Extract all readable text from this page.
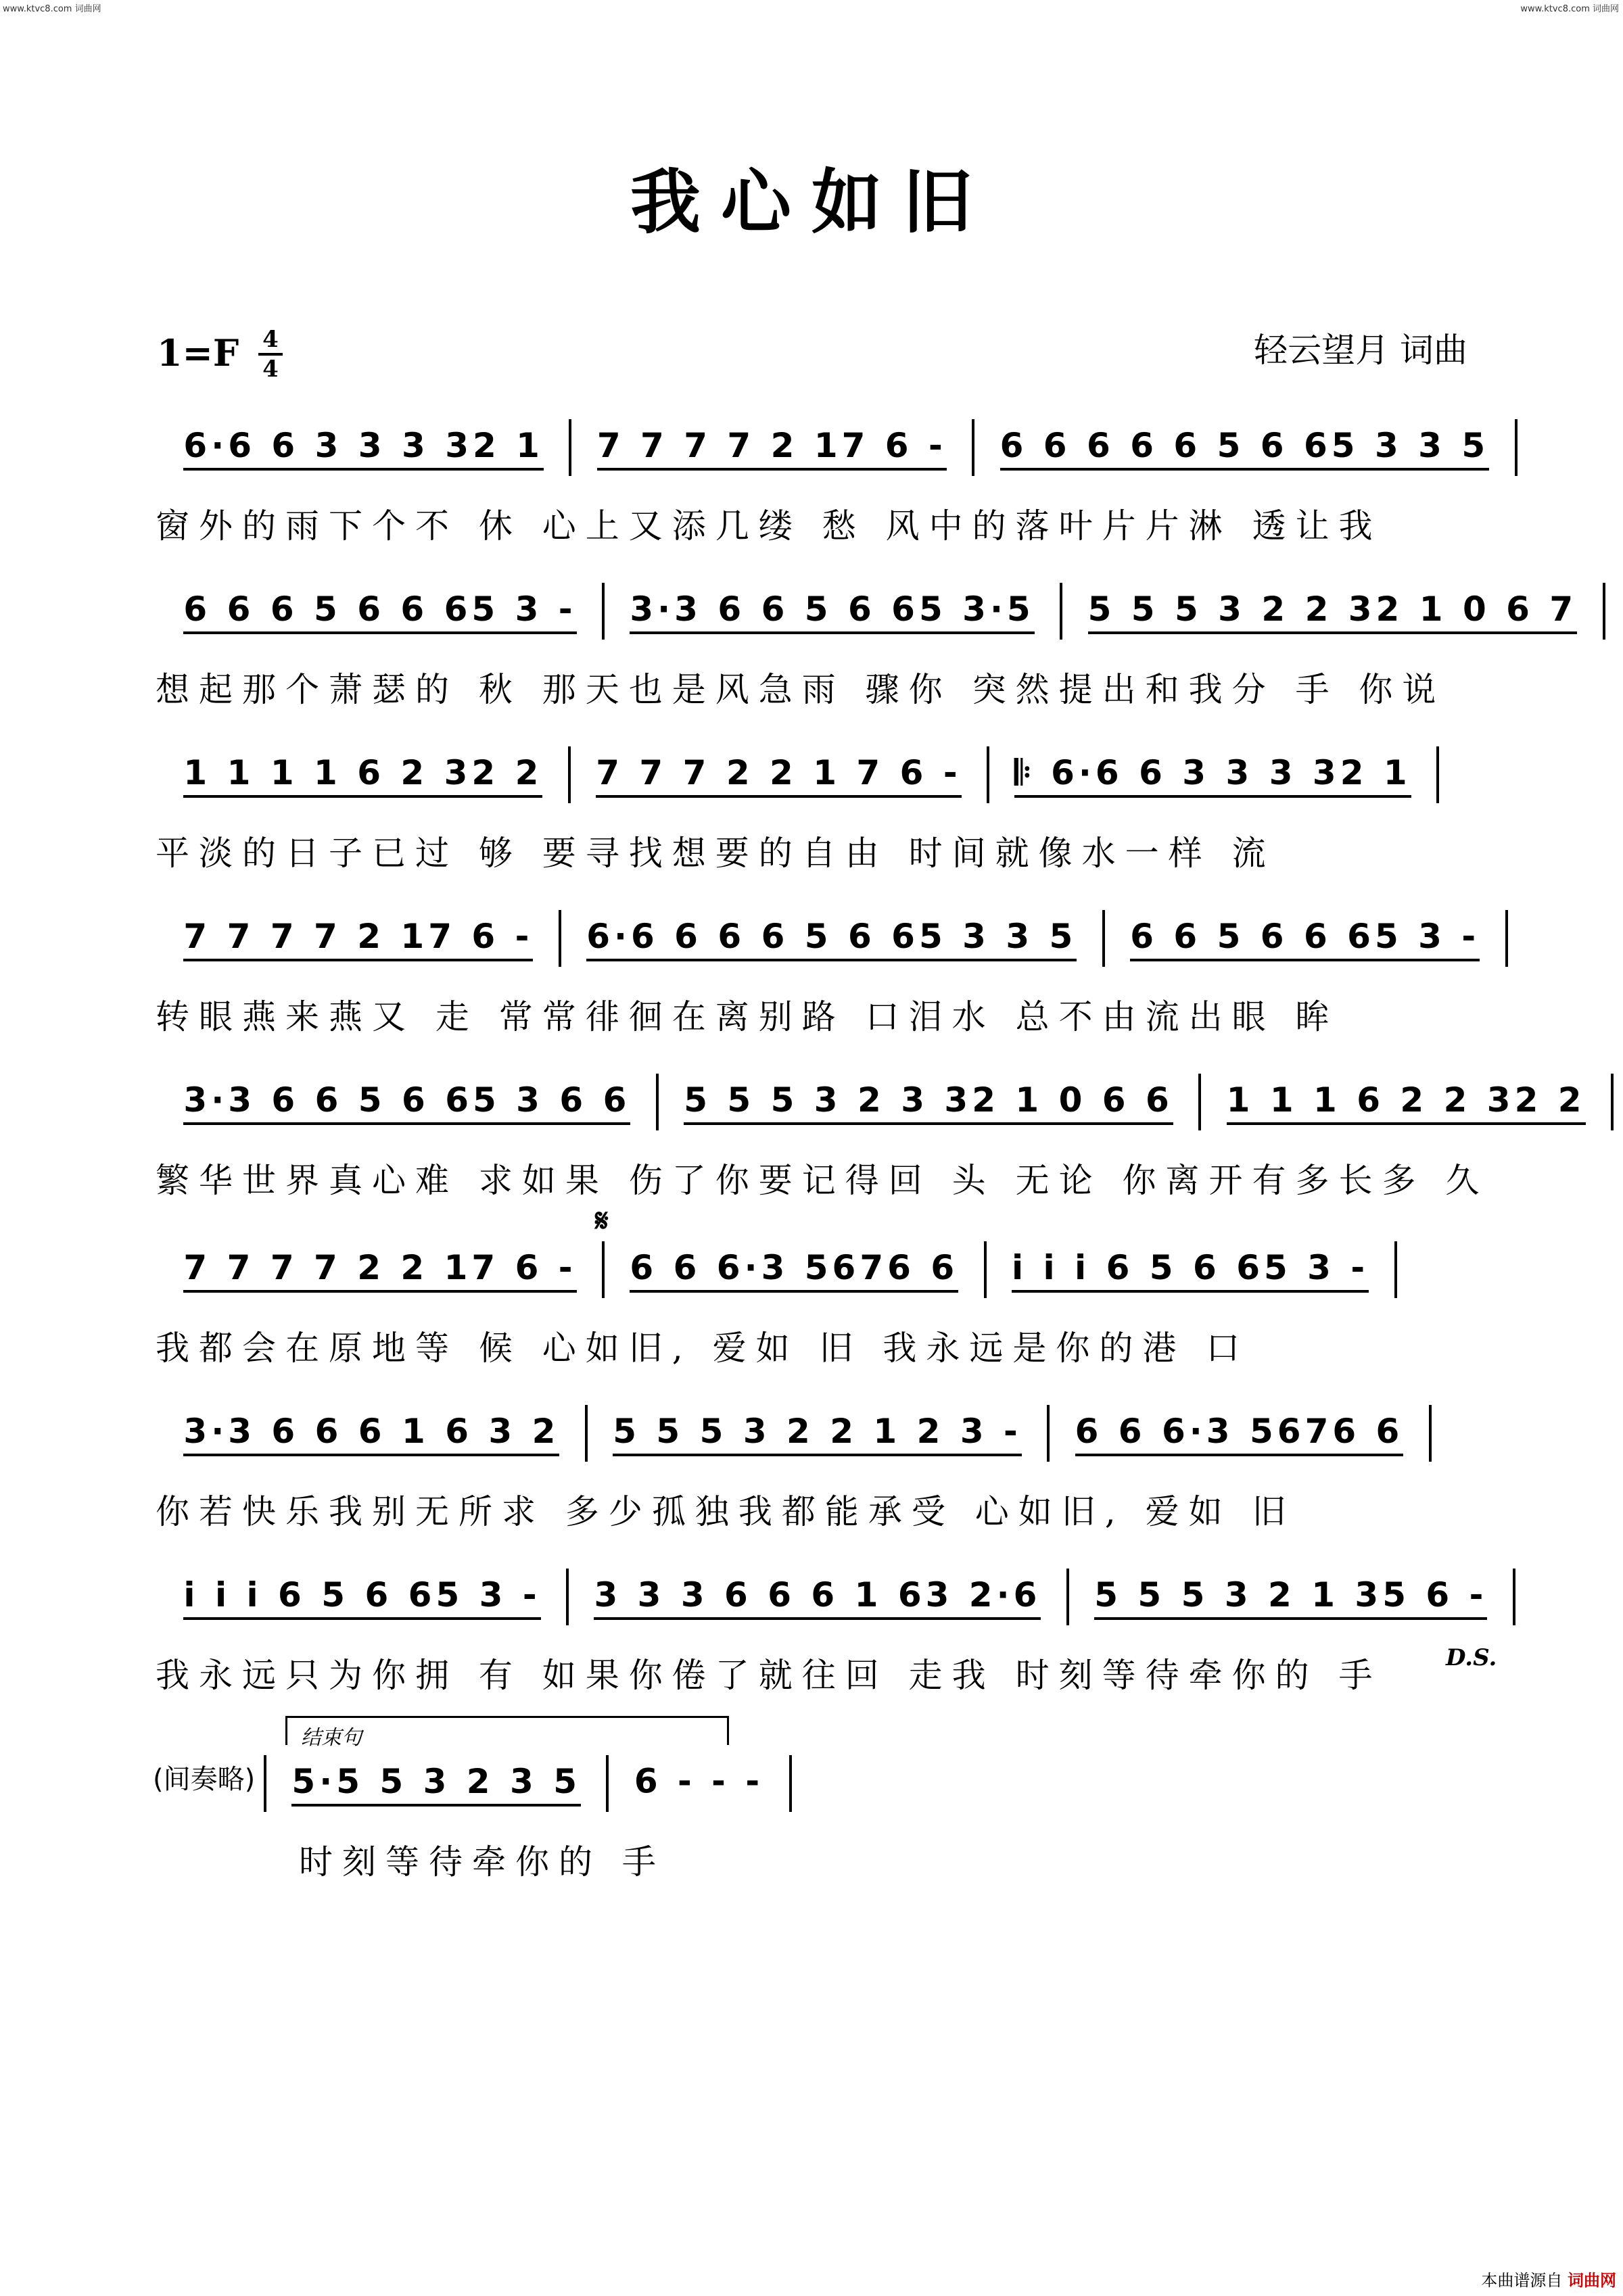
www.ktvc8.com 词曲网	www.ktvc8.com 词曲网
我心如旧
1=F 4
4	轻云望月 词曲
6·6 6 3 3 3 32 1 7 7 7 7 2 17 6 - 6 6 6 6 6 5 6 65 3 3 5
窗外的雨下个不 休 心上又添几缕 愁 风中的落叶片片淋 透让我
6 6 6 5 6 6 65 3 - 3·3 6 6 5 6 65 3·5 5 5 5 3 2 2 32 1 0 6 7
想起那个萧瑟的 秋 那天也是风急雨 骤你 突然提出和我分 手 你说
1 1 1 1 6 2 32 2 7 7 7 2 2 1 7 6 - 𝄆 6·6 6 3 3 3 32 1
平淡的日子已过 够 要寻找想要的自由 时间就像水一样 流
7 7 7 7 2 17 6 - 6·6 6 6 6 5 6 65 3 3 5 6 6 5 6 6 65 3 -
转眼燕来燕又 走 常常徘徊在离别路 口泪水 总不由流出眼 眸
3·3 6 6 5 6 65 3 6 6 5 5 5 3 2 3 32 1 0 6 6 1 1 1 6 2 2 32 2
繁华世界真心难 求如果 伤了你要记得回 头 无论 你离开有多长多 久
𝄋
7 7 7 7 2 2 17 6 - 6 6 6·3 5676 6 i i i 6 5 6 65 3 -
我都会在原地等 候 心如旧, 爱如 旧 我永远是你的港 口
3·3 6 6 6 1 6 3 2 5 5 5 3 2 2 1 2 3 - 6 6 6·3 5676 6
你若快乐我别无所求 多少孤独我都能承受 心如旧, 爱如 旧
i i i 6 5 6 65 3 - 3 3 3 6 6 6 1 63 2·6 5 5 5 3 2 1 35 6 -
我永远只为你拥 有 如果你倦了就往回 走我 时刻等待牵你的 手	D.S.
结束句
(间奏略)	5·5 5 3 2 3 5 6 - - -
时刻等待牵你的 手
本曲谱源自 词曲网
